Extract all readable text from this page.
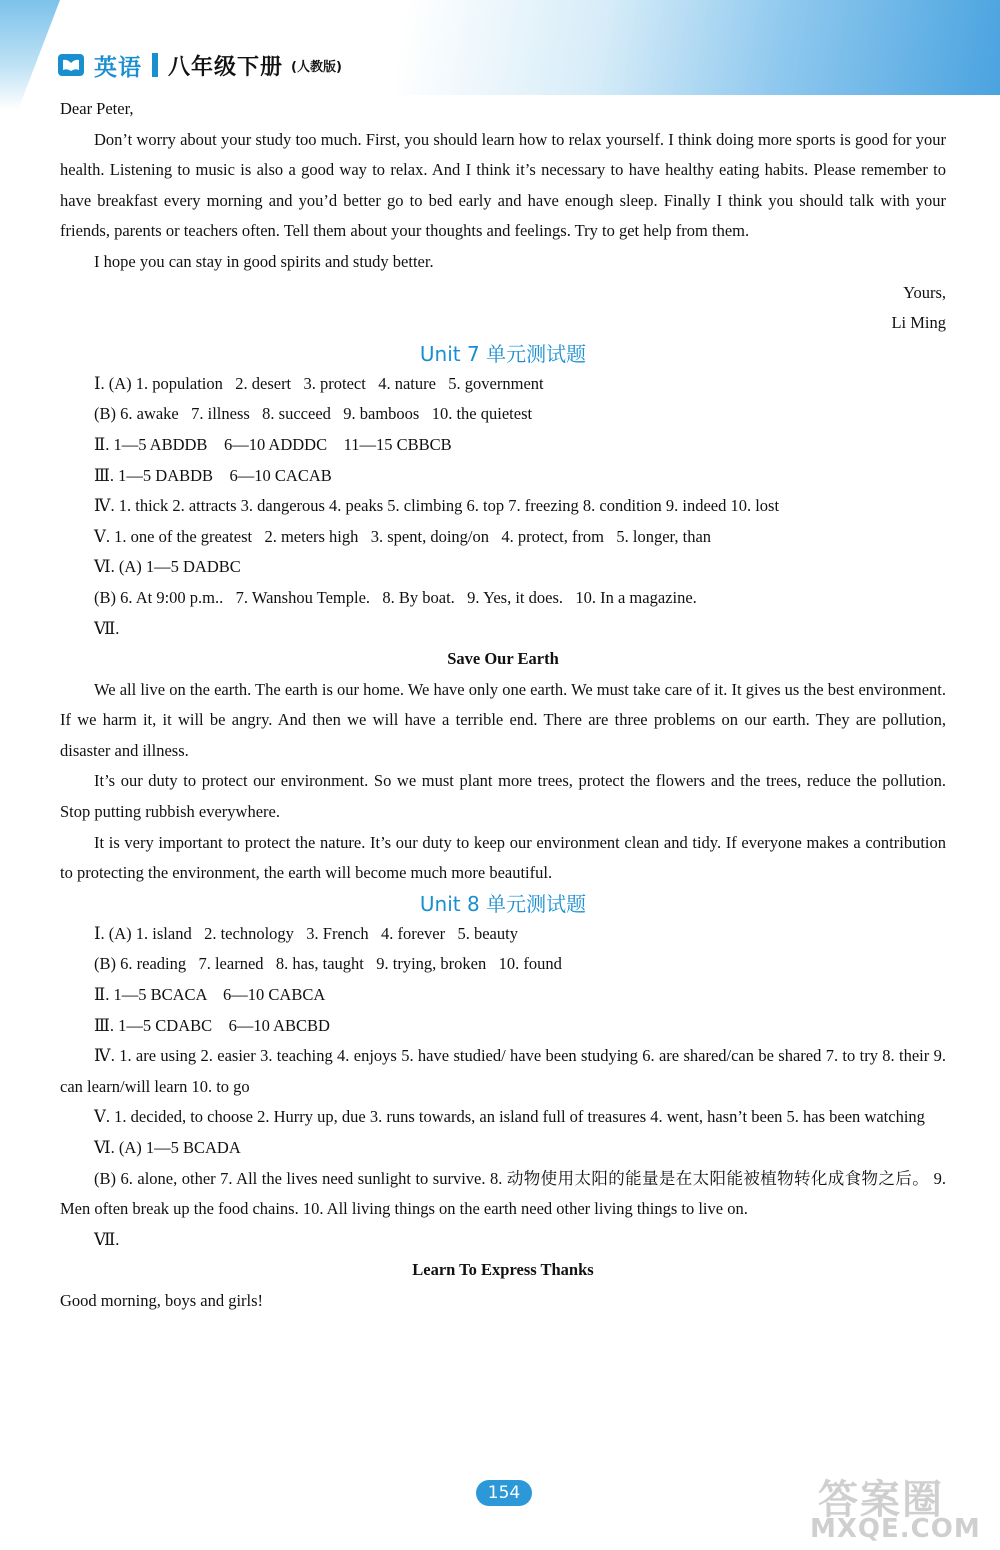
英语 八年级下册 (人教版)

Dear Peter,

Don’t worry about your study too much. First, you should learn how to relax yourself. I think doing more sports is good for your health. Listening to music is also a good way to relax. And I think it’s necessary to have healthy eating habits. Please remember to have breakfast every morning and you’d better go to bed early and have enough sleep. Finally I think you should talk with your friends, parents or teachers often. Tell them about your thoughts and feelings. Try to get help from them.

I hope you can stay in good spirits and study better.

Yours,

Li Ming

Unit 7 单元测试题

Ⅰ. (A) 1. population   2. desert   3. protect   4. nature   5. government

(B) 6. awake   7. illness   8. succeed   9. bamboos   10. the quietest

Ⅱ. 1—5 ABDDB    6—10 ADDDC    11—15 CBBCB

Ⅲ. 1—5 DABDB    6—10 CACAB

Ⅳ. 1. thick 2. attracts 3. dangerous 4. peaks 5. climbing 6. top 7. freezing 8. condition 9. indeed 10. lost

Ⅴ. 1. one of the greatest   2. meters high   3. spent, doing/on   4. protect, from   5. longer, than

Ⅵ. (A) 1—5 DADBC

(B) 6. At 9:00 p.m..   7. Wanshou Temple.   8. By boat.   9. Yes, it does.   10. In a magazine.

Ⅶ.

Save Our Earth

We all live on the earth. The earth is our home. We have only one earth. We must take care of it. It gives us the best environment. If we harm it, it will be angry. And then we will have a terrible end. There are three problems on our earth. They are pollution, disaster and illness.

It’s our duty to protect our environment. So we must plant more trees, protect the flowers and the trees, reduce the pollution. Stop putting rubbish everywhere.

It is very important to protect the nature. It’s our duty to keep our environment clean and tidy. If everyone makes a contribution to protecting the environment, the earth will become much more beautiful.

Unit 8 单元测试题

Ⅰ. (A) 1. island   2. technology   3. French   4. forever   5. beauty

(B) 6. reading   7. learned   8. has, taught   9. trying, broken   10. found

Ⅱ. 1—5 BCACA    6—10 CABCA

Ⅲ. 1—5 CDABC    6—10 ABCBD

Ⅳ. 1. are using 2. easier 3. teaching 4. enjoys 5. have studied/ have been studying 6. are shared/can be shared 7. to try 8. their 9. can learn/will learn 10. to go

Ⅴ. 1. decided, to choose 2. Hurry up, due 3. runs towards, an island full of treasures 4. went, hasn’t been 5. has been watching

Ⅵ. (A) 1—5 BCADA

(B) 6. alone, other 7. All the lives need sunlight to survive. 8. 动物使用太阳的能量是在太阳能被植物转化成食物之后。 9. Men often break up the food chains. 10. All living things on the earth need other living things to live on.

Ⅶ.

Learn To Express Thanks

Good morning, boys and girls!

154	答案圈
MXQE.COM
